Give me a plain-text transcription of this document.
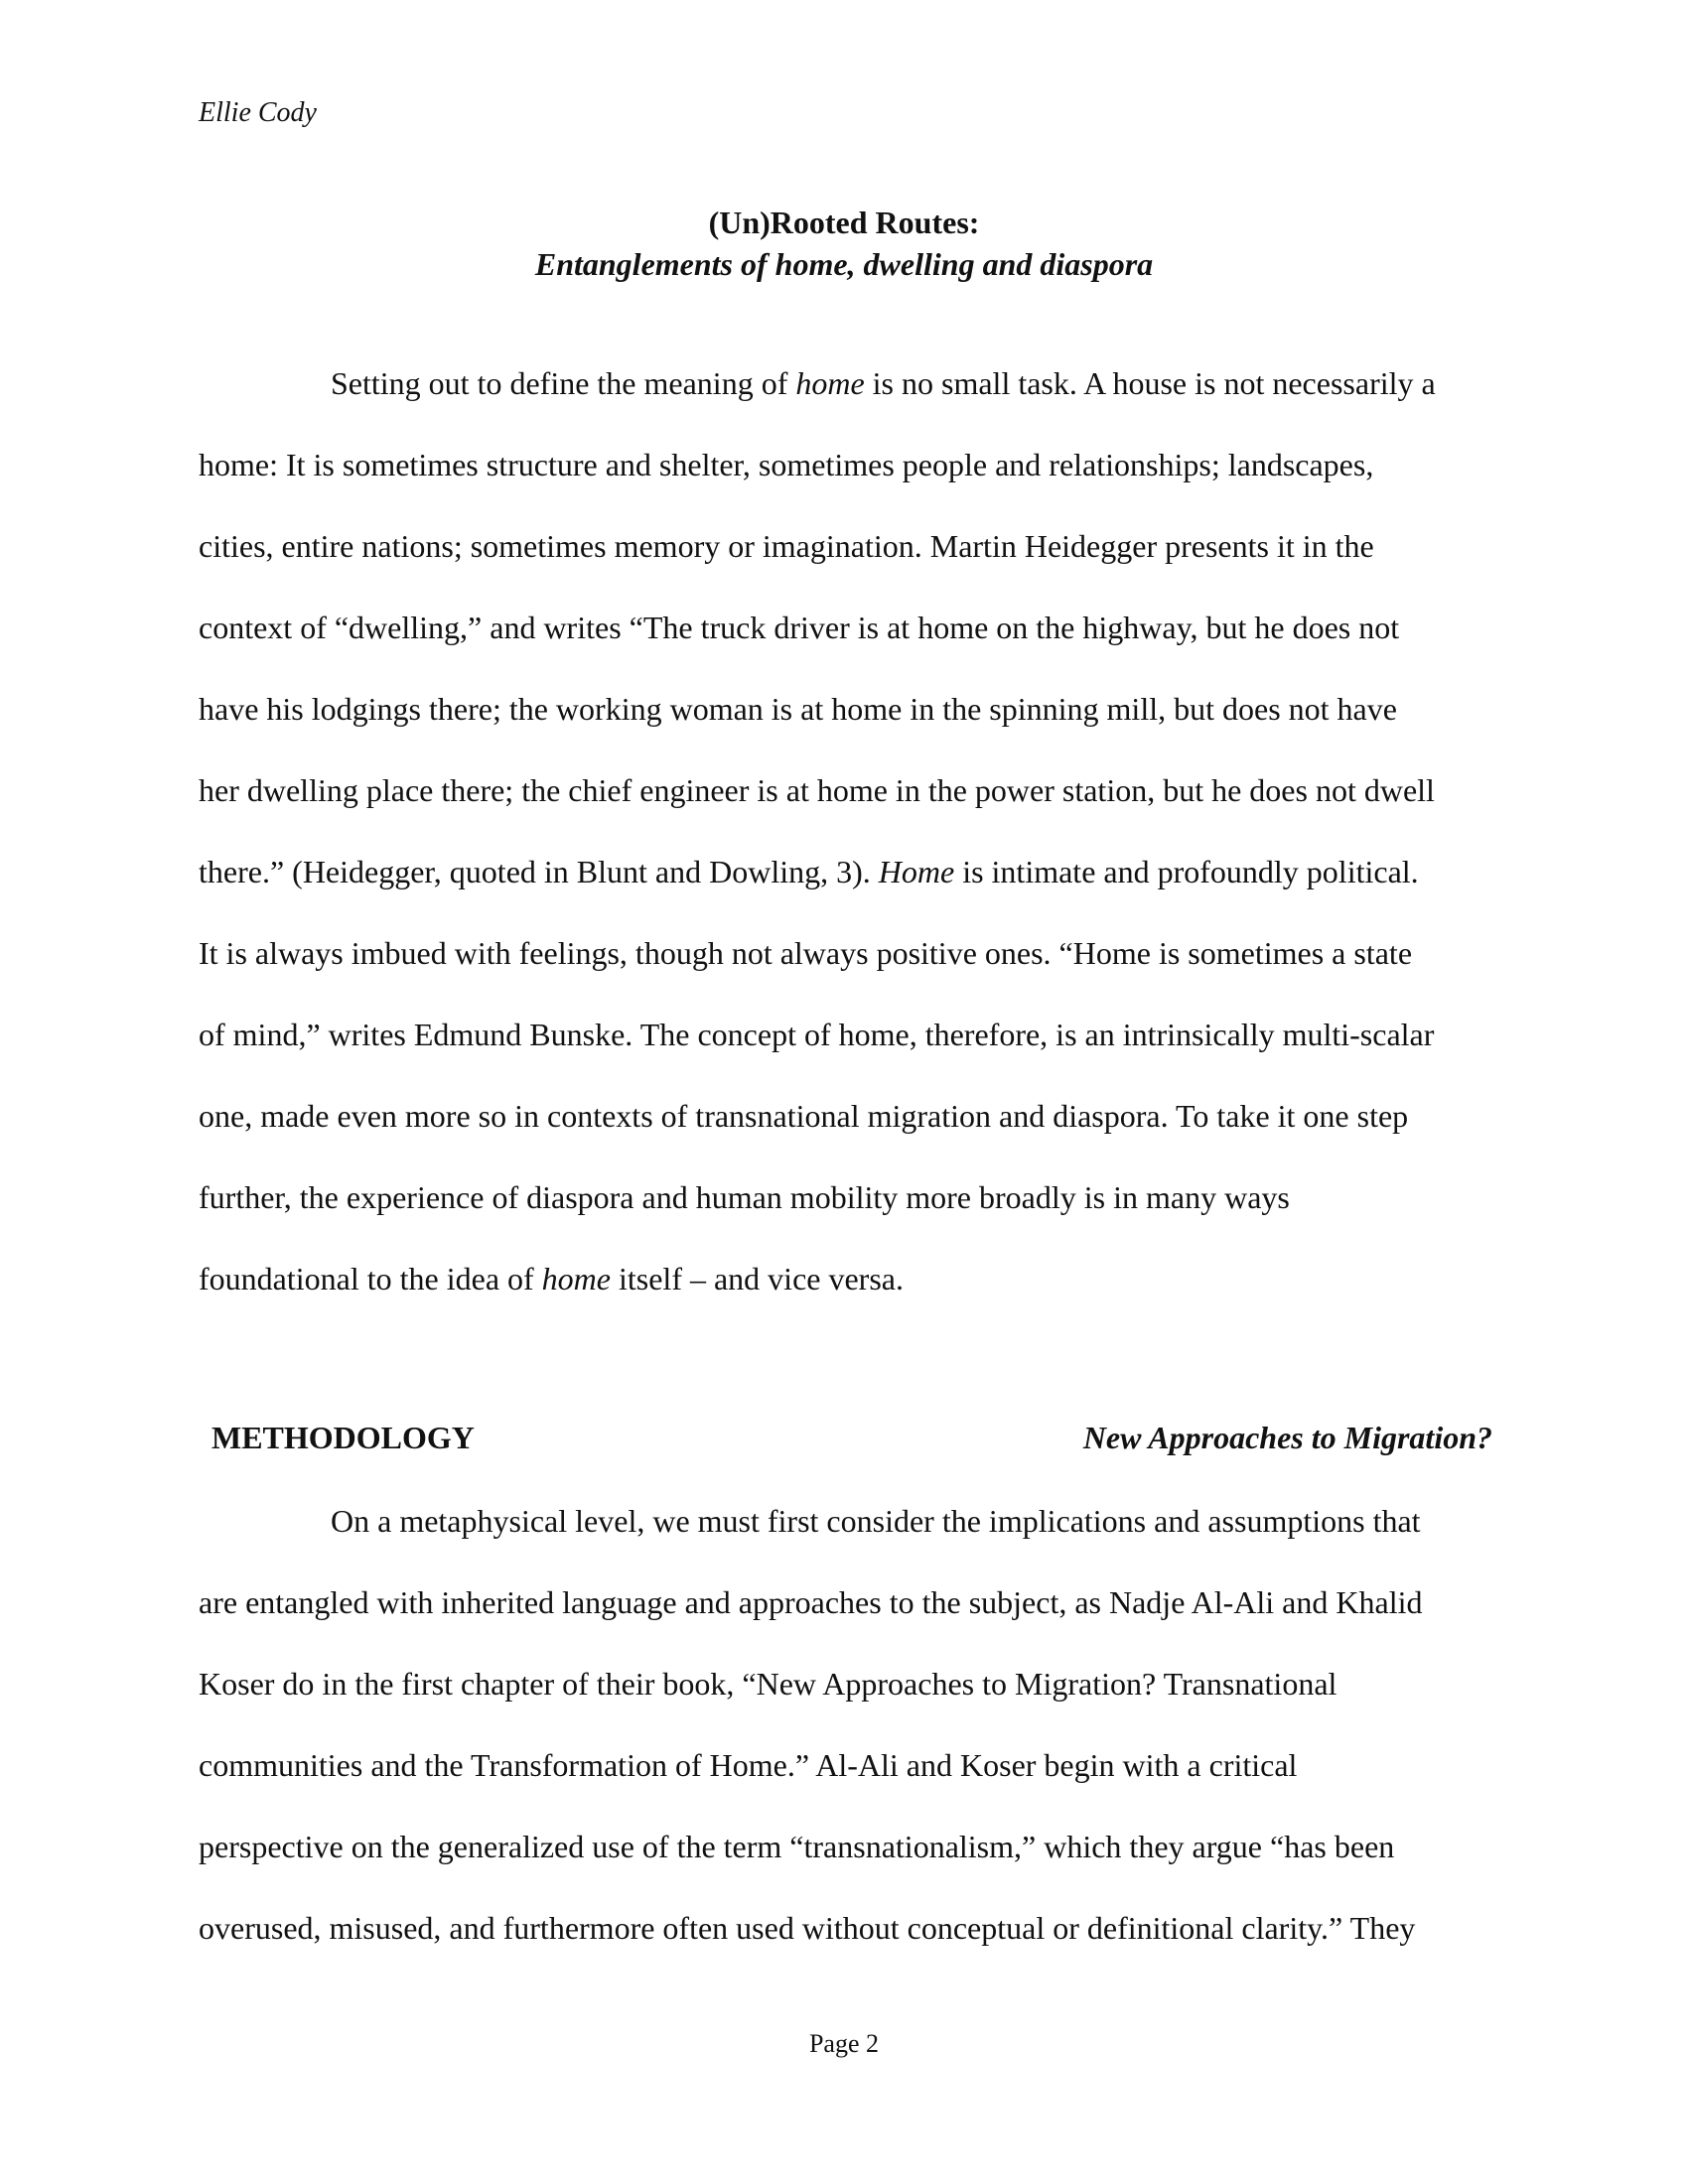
Ellie Cody
(Un)Rooted Routes:
Entanglements of home, dwelling and diaspora
Setting out to define the meaning of home is no small task. A house is not necessarily a
home: It is sometimes structure and shelter, sometimes people and relationships; landscapes,
cities, entire nations; sometimes memory or imagination. Martin Heidegger presents it in the
context of “dwelling,” and writes “The truck driver is at home on the highway, but he does not
have his lodgings there; the working woman is at home in the spinning mill, but does not have
her dwelling place there; the chief engineer is at home in the power station, but he does not dwell
there.” (Heidegger, quoted in Blunt and Dowling, 3). Home is intimate and profoundly political.
It is always imbued with feelings, though not always positive ones. “Home is sometimes a state
of mind,” writes Edmund Bunske. The concept of home, therefore, is an intrinsically multi-scalar
one, made even more so in contexts of transnational migration and diaspora. To take it one step
further, the experience of diaspora and human mobility more broadly is in many ways
foundational to the idea of home itself – and vice versa.
METHODOLOGY	New Approaches to Migration?
On a metaphysical level, we must first consider the implications and assumptions that
are entangled with inherited language and approaches to the subject, as Nadje Al-Ali and Khalid
Koser do in the first chapter of their book, “New Approaches to Migration? Transnational
communities and the Transformation of Home.” Al-Ali and Koser begin with a critical
perspective on the generalized use of the term “transnationalism,” which they argue “has been
overused, misused, and furthermore often used without conceptual or definitional clarity.” They
Page 2
